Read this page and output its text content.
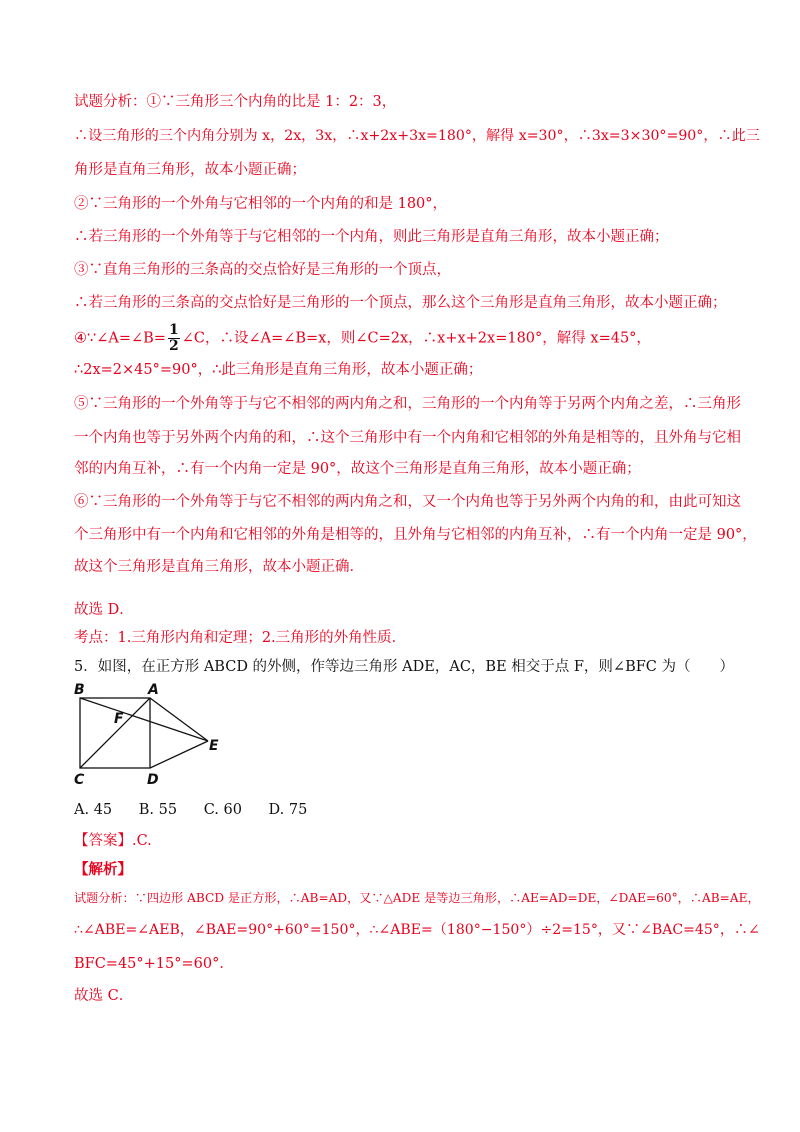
试题分析：①∵三角形三个内角的比是 1：2：3，
∴设三角形的三个内角分别为 x，2x，3x，∴x+2x+3x=180°，解得 x=30°，∴3x=3×30°=90°，∴此三
角形是直角三角形，故本小题正确；
②∵三角形的一个外角与它相邻的一个内角的和是 180°，
∴若三角形的一个外角等于与它相邻的一个内角，则此三角形是直角三角形，故本小题正确；
③∵直角三角形的三条高的交点恰好是三角形的一个顶点，
∴若三角形的三条高的交点恰好是三角形的一个顶点，那么这个三角形是直角三角形，故本小题正确；
④∵∠A=∠B= $\frac{1}{2}$ ∠C，∴设∠A=∠B=x，则∠C=2x，∴x+x+2x=180°，解得 x=45°，
∴2x=2×45°=90°，∴此三角形是直角三角形，故本小题正确；
⑤∵三角形的一个外角等于与它不相邻的两内角之和，三角形的一个内角等于另两个内角之差，∴三角形
一个内角也等于另外两个内角的和，∴这个三角形中有一个内角和它相邻的外角是相等的，且外角与它相
邻的内角互补，∴有一个内角一定是 90°，故这个三角形是直角三角形，故本小题正确；
⑥∵三角形的一个外角等于与它不相邻的两内角之和，又一个内角也等于另外两个内角的和，由此可知这
个三角形中有一个内角和它相邻的外角是相等的，且外角与它相邻的内角互补，∴有一个内角一定是 90°，
故这个三角形是直角三角形，故本小题正确．
故选 D．
考点：1.三角形内角和定理；2.三角形的外角性质．
5．如图，在正方形 ABCD 的外侧，作等边三角形 ADE，AC，BE 相交于点 F，则∠BFC 为（　　）
B	A
F
E
C	D
A. 45 B. 55 C. 60 D. 75
【答案】.C.
【解析】
试题分析：∵四边形 ABCD 是正方形，∴AB=AD，又∵△ADE 是等边三角形，∴AE=AD=DE，∠DAE=60°，∴AB=AE，
∴∠ABE=∠AEB，∠BAE=90°+60°=150°，∴∠ABE=（180°−150°）÷2=15°，又∵∠BAC=45°，∴∠
BFC=45°+15°=60°．
故选 C．
